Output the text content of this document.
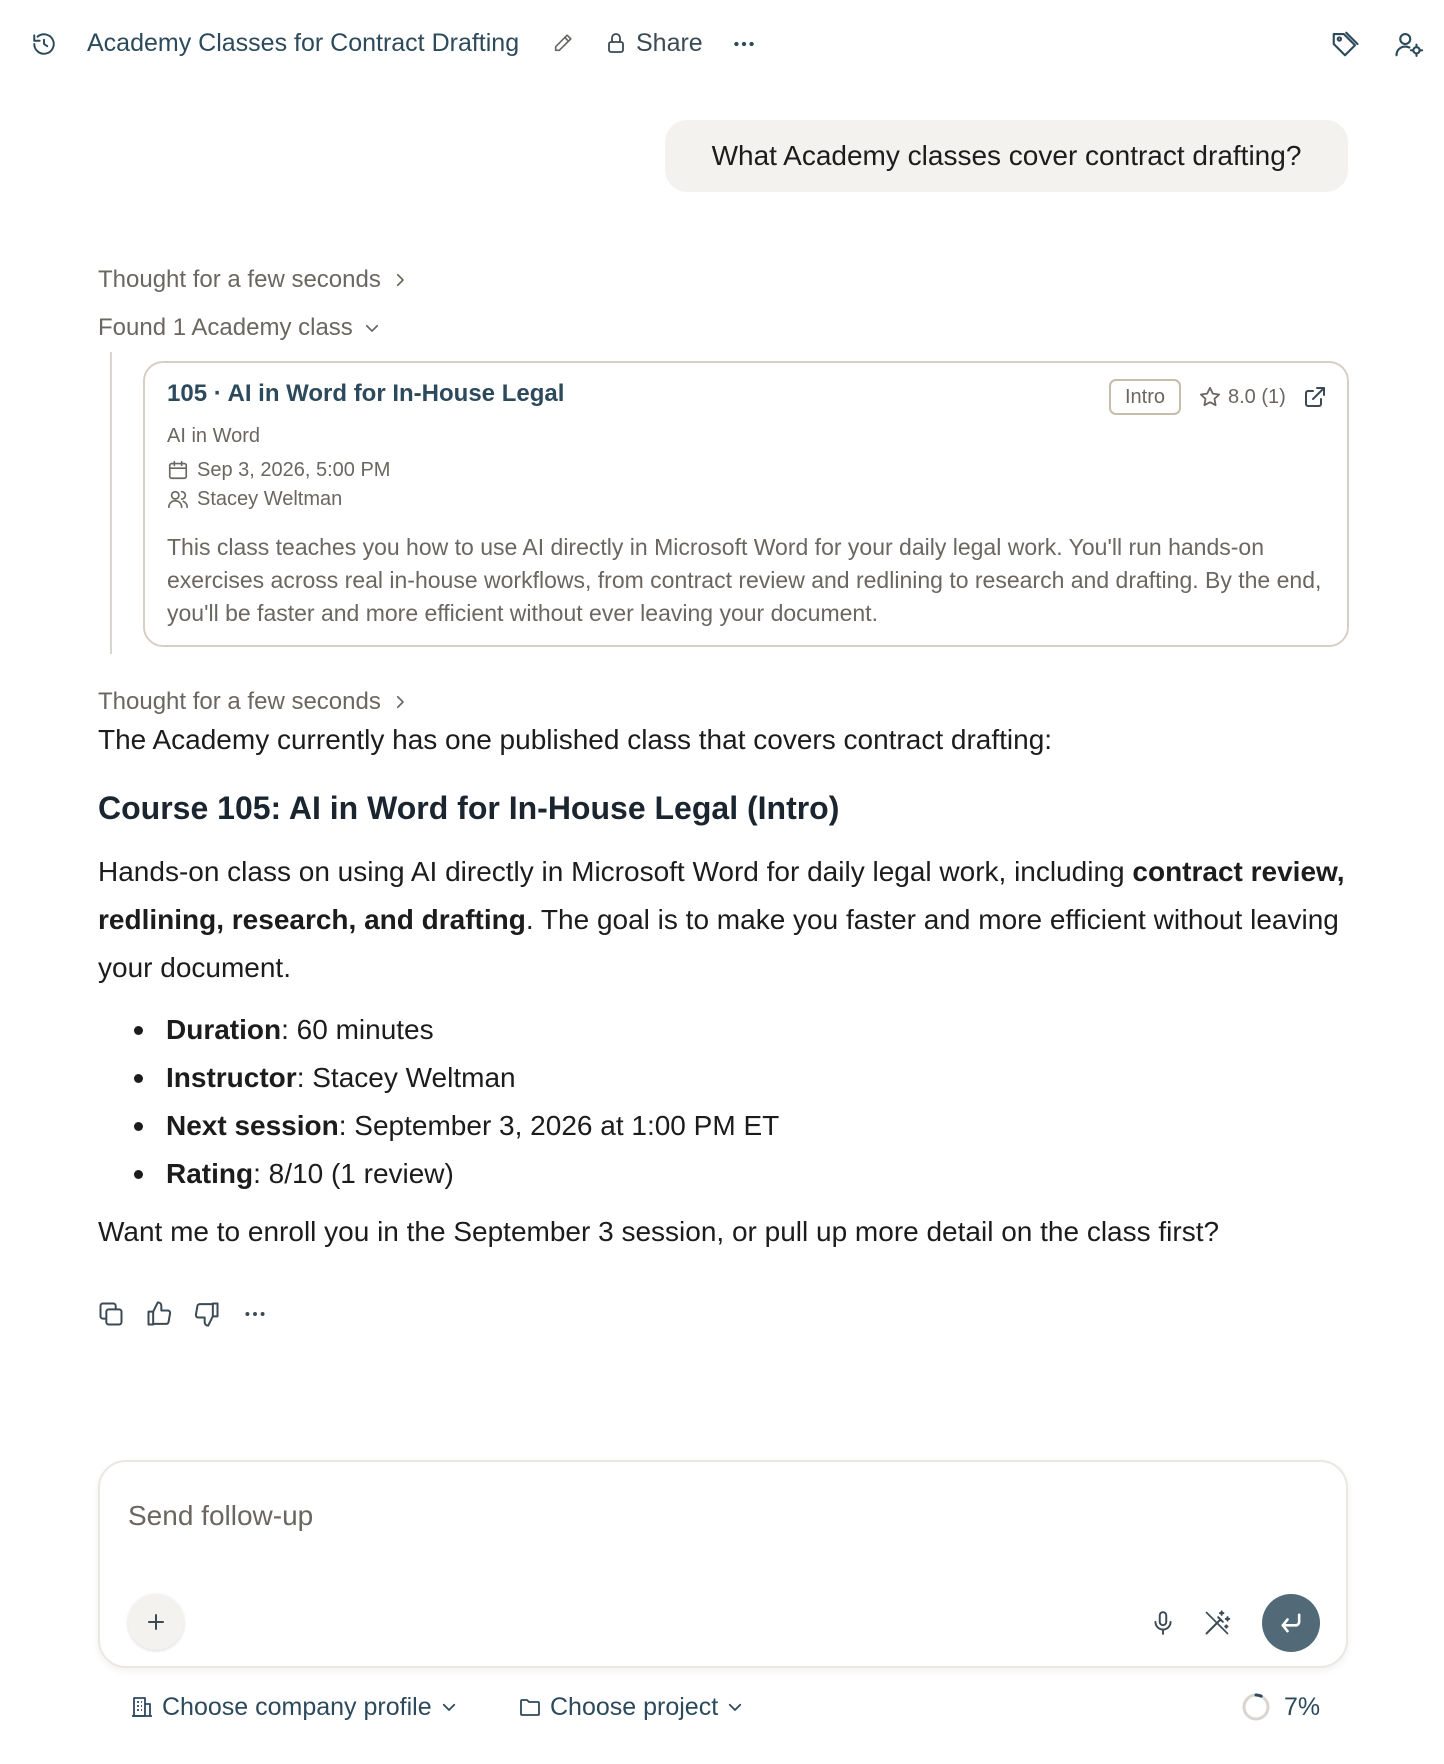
Academy Classes for Contract Drafting	Share
What Academy classes cover contract drafting?
Thought for a few seconds
Found 1 Academy class
105 · AI in Word for In-House Legal	Intro	8.0 (1)
AI in Word
Sep 3, 2026, 5:00 PM
Stacey Weltman

This class teaches you how to use AI directly in Microsoft Word for your daily legal work. You'll run hands-on exercises across real in-house workflows, from contract review and redlining to research and drafting. By the end, you'll be faster and more efficient without ever leaving your document.

Thought for a few seconds

The Academy currently has one published class that covers contract drafting:

Course 105: AI in Word for In-House Legal (Intro)

Hands-on class on using AI directly in Microsoft Word for daily legal work, including contract review, redlining, research, and drafting. The goal is to make you faster and more efficient without leaving your document.

Duration: 60 minutes
Instructor: Stacey Weltman
Next session: September 3, 2026 at 1:00 PM ET
Rating: 8/10 (1 review)

Want me to enroll you in the September 3 session, or pull up more detail on the class first?

Send follow-up
Choose company profile	Choose project	7%
